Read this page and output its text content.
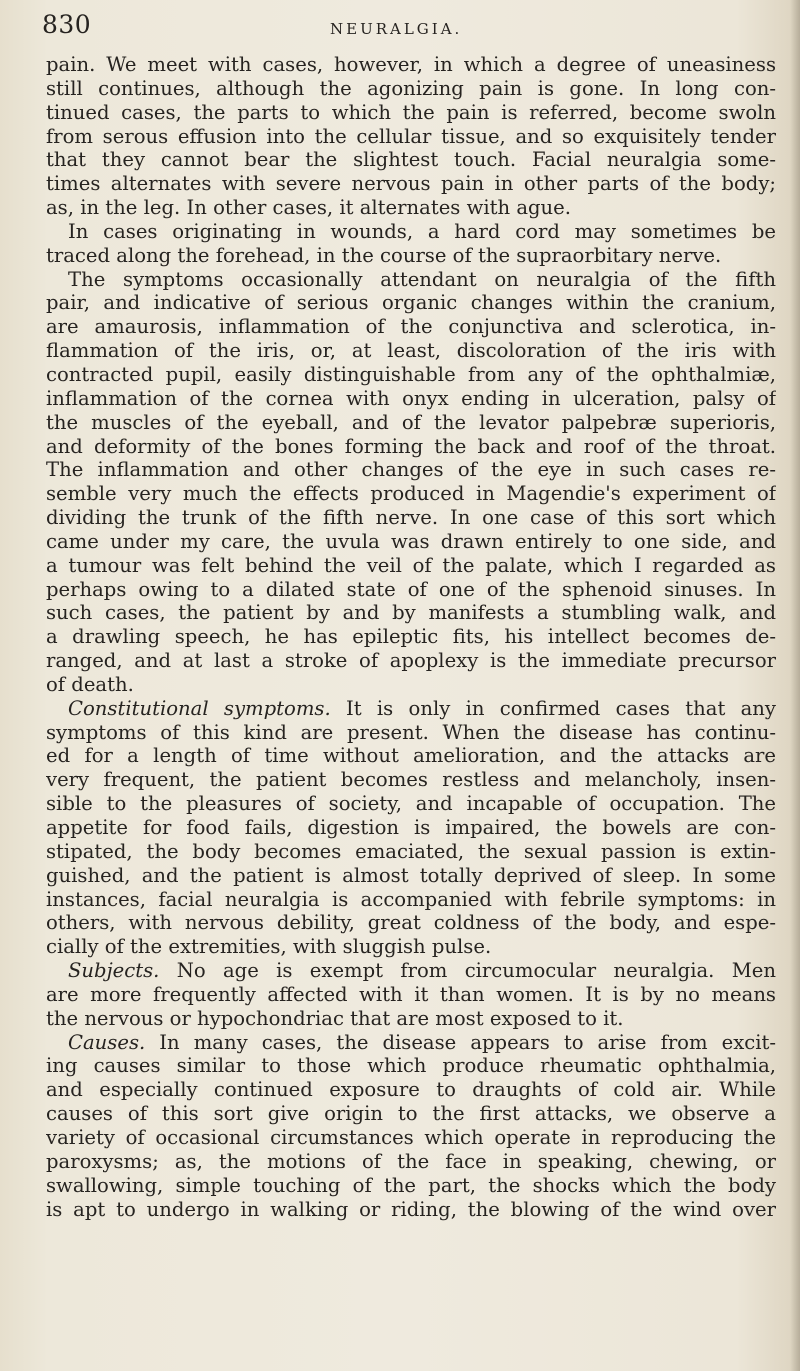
830	NEURALGIA.
pain. We meet with cases, however, in which a degree of uneasiness
still continues, although the agonizing pain is gone. In long con-
tinued cases, the parts to which the pain is referred, become swoln
from serous effusion into the cellular tissue, and so exquisitely tender
that they cannot bear the slightest touch. Facial neuralgia some-
times alternates with severe nervous pain in other parts of the body;
as, in the leg. In other cases, it alternates with ague.
In cases originating in wounds, a hard cord may sometimes be
traced along the forehead, in the course of the supraorbitary nerve.
The symptoms occasionally attendant on neuralgia of the fifth
pair, and indicative of serious organic changes within the cranium,
are amaurosis, inflammation of the conjunctiva and sclerotica, in-
flammation of the iris, or, at least, discoloration of the iris with
contracted pupil, easily distinguishable from any of the ophthalmiæ,
inflammation of the cornea with onyx ending in ulceration, palsy of
the muscles of the eyeball, and of the levator palpebræ superioris,
and deformity of the bones forming the back and roof of the throat.
The inflammation and other changes of the eye in such cases re-
semble very much the effects produced in Magendie's experiment of
dividing the trunk of the fifth nerve. In one case of this sort which
came under my care, the uvula was drawn entirely to one side, and
a tumour was felt behind the veil of the palate, which I regarded as
perhaps owing to a dilated state of one of the sphenoid sinuses. In
such cases, the patient by and by manifests a stumbling walk, and
a drawling speech, he has epileptic fits, his intellect becomes de-
ranged, and at last a stroke of apoplexy is the immediate precursor
of death.
Constitutional symptoms. It is only in confirmed cases that any
symptoms of this kind are present. When the disease has continu-
ed for a length of time without amelioration, and the attacks are
very frequent, the patient becomes restless and melancholy, insen-
sible to the pleasures of society, and incapable of occupation. The
appetite for food fails, digestion is impaired, the bowels are con-
stipated, the body becomes emaciated, the sexual passion is extin-
guished, and the patient is almost totally deprived of sleep. In some
instances, facial neuralgia is accompanied with febrile symptoms: in
others, with nervous debility, great coldness of the body, and espe-
cially of the extremities, with sluggish pulse.
Subjects. No age is exempt from circumocular neuralgia. Men
are more frequently affected with it than women. It is by no means
the nervous or hypochondriac that are most exposed to it.
Causes. In many cases, the disease appears to arise from excit-
ing causes similar to those which produce rheumatic ophthalmia,
and especially continued exposure to draughts of cold air. While
causes of this sort give origin to the first attacks, we observe a
variety of occasional circumstances which operate in reproducing the
paroxysms; as, the motions of the face in speaking, chewing, or
swallowing, simple touching of the part, the shocks which the body
is apt to undergo in walking or riding, the blowing of the wind over
